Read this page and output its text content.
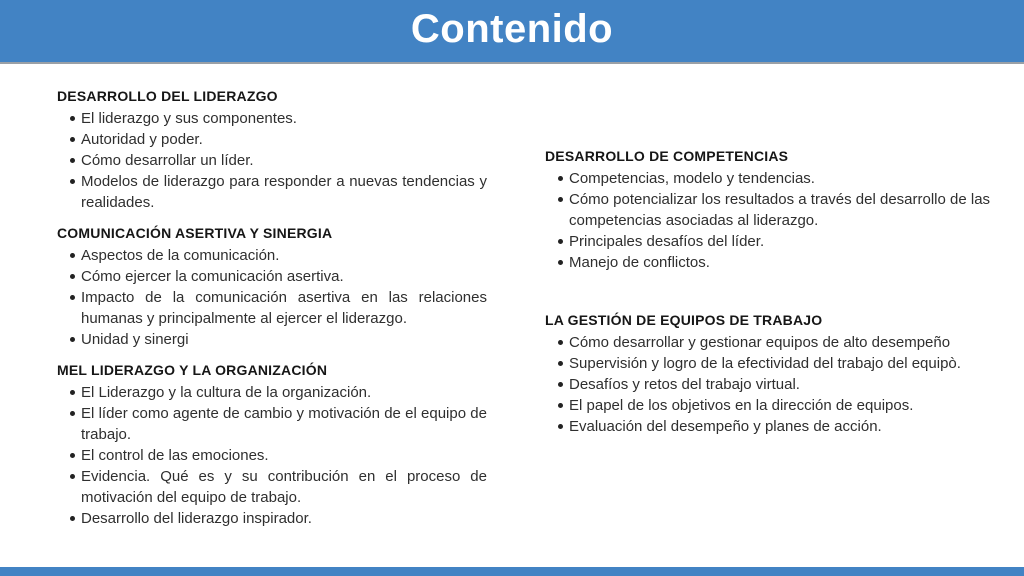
Contenido
DESARROLLO DEL LIDERAZGO
El liderazgo y sus componentes.
Autoridad y poder.
Cómo desarrollar un líder.
Modelos de liderazgo para responder a nuevas tendencias y realidades.
COMUNICACIÓN ASERTIVA Y SINERGIA
Aspectos de la comunicación.
Cómo ejercer la comunicación asertiva.
Impacto de la comunicación asertiva en las relaciones humanas y principalmente al ejercer el liderazgo.
Unidad y sinergi
MEL LIDERAZGO Y LA ORGANIZACIÓN
El Liderazgo y la cultura de la organización.
El líder como agente de cambio y motivación de el equipo de trabajo.
El control de las emociones.
Evidencia. Qué es y su contribución en el proceso de motivación del equipo de trabajo.
Desarrollo del liderazgo inspirador.
DESARROLLO DE COMPETENCIAS
Competencias, modelo y tendencias.
Cómo potencializar los resultados a través del desarrollo de las competencias asociadas al liderazgo.
Principales desafíos del líder.
Manejo de conflictos.
LA GESTIÓN DE EQUIPOS DE TRABAJO
Cómo desarrollar y gestionar equipos de alto desempeño
Supervisión y logro de la efectividad del trabajo del equipò.
Desafíos y retos del trabajo virtual.
El papel de los objetivos en la dirección de equipos.
Evaluación del desempeño y planes de acción.
